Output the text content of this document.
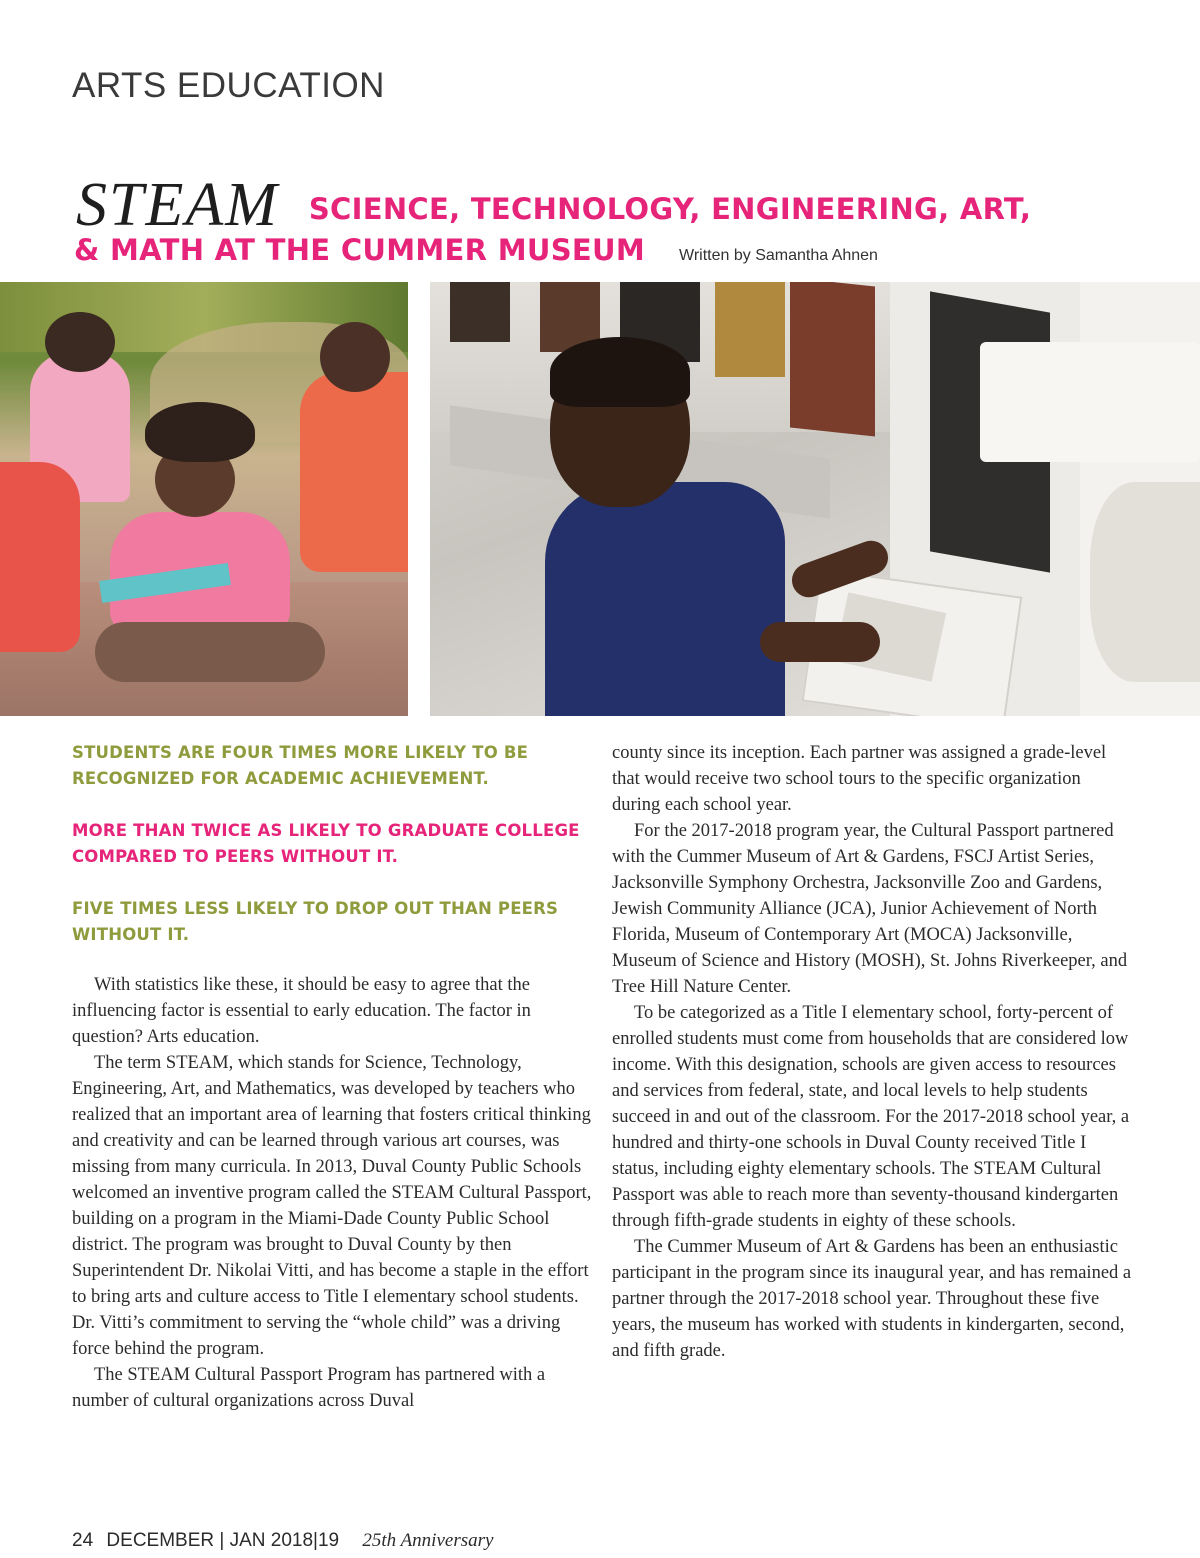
ARTS EDUCATION
STEAM SCIENCE, TECHNOLOGY, ENGINEERING, ART,
& MATH AT THE CUMMER MUSEUM Written by Samantha Ahnen
STUDENTS ARE FOUR TIMES MORE LIKELY TO BE
RECOGNIZED FOR ACADEMIC ACHIEVEMENT.
MORE THAN TWICE AS LIKELY TO GRADUATE COLLEGE
COMPARED TO PEERS WITHOUT IT.
FIVE TIMES LESS LIKELY TO DROP OUT THAN PEERS
WITHOUT IT.

With statistics like these, it should be easy to agree that the influencing factor is essential to early education. The factor in question? Arts education.

The term STEAM, which stands for Science, Technology, Engineering, Art, and Mathematics, was developed by teachers who realized that an important area of learning that fosters critical thinking and creativity and can be learned through various art courses, was missing from many curricula. In 2013, Duval County Public Schools welcomed an inventive program called the STEAM Cultural Passport, building on a program in the Miami-Dade County Public School district. The program was brought to Duval County by then Superintendent Dr. Nikolai Vitti, and has become a staple in the effort to bring arts and culture access to Title I elementary school students. Dr. Vitti’s commitment to serving the “whole child” was a driving force behind the program.

The STEAM Cultural Passport Program has partnered with a number of cultural organizations across Duval

county since its inception. Each partner was assigned a grade-level that would receive two school tours to the specific organization during each school year.

For the 2017-2018 program year, the Cultural Passport partnered with the Cummer Museum of Art & Gardens, FSCJ Artist Series, Jacksonville Symphony Orchestra, Jacksonville Zoo and Gardens, Jewish Community Alliance (JCA), Junior Achievement of North Florida, Museum of Contemporary Art (MOCA) Jacksonville, Museum of Science and History (MOSH), St. Johns Riverkeeper, and Tree Hill Nature Center.

To be categorized as a Title I elementary school, forty-percent of enrolled students must come from households that are considered low income. With this designation, schools are given access to resources and services from federal, state, and local levels to help students succeed in and out of the classroom. For the 2017-2018 school year, a hundred and thirty-one schools in Duval County received Title I status, including eighty elementary schools. The STEAM Cultural Passport was able to reach more than seventy-thousand kindergarten through fifth-grade students in eighty of these schools.

The Cummer Museum of Art & Gardens has been an enthusiastic participant in the program since its inaugural year, and has remained a partner through the 2017-2018 school year. Throughout these five years, the museum has worked with students in kindergarten, second, and fifth grade.

24 DECEMBER | JAN 2018|19 25th Anniversary
